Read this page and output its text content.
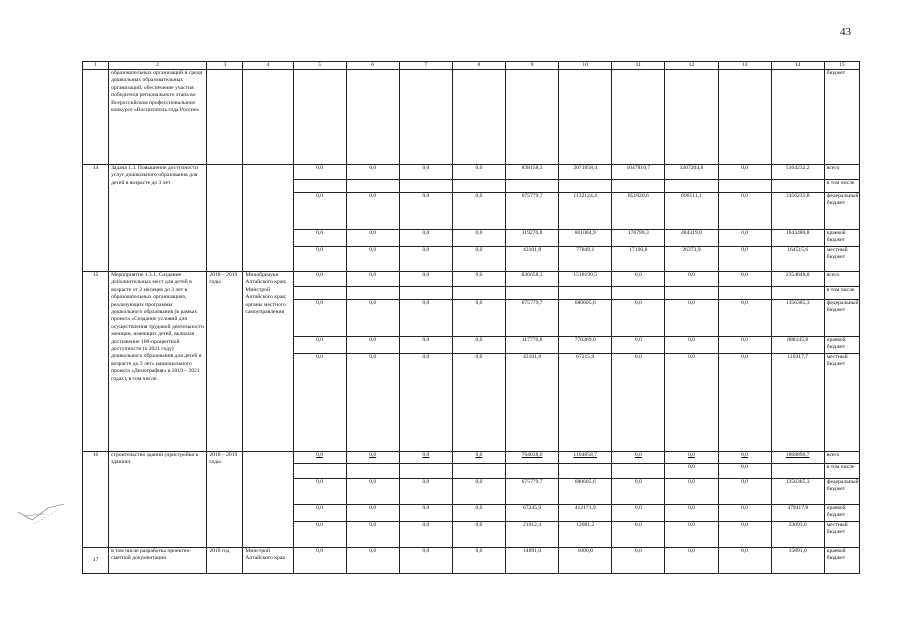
43
1	2	3	4	5	6	7	8	9	10	11	12	13	14	15
	образовательных организаций и среди дошкольных образовательных организаций, обеспечение участия победителя регионального этапа во Всероссийском профессиональном конкурсе «Воспитатель года России»													бюджет
14	Задача 1.3. Повышение доступности услуг дошкольного образования для детей в возрасте до 3 лет			0,0	0,0	0,0	0,0	838158,3	2071058,4	1047810,7	1207204,8	0,0	5164232,2	всего
														в том числе
				0,0	0,0	0,0	0,0	675779,7	1132124,4	851820,6	696511,1	0,0	3356235,8	федеральный бюджет
				0,0	0,0	0,0	0,0	119276,8	861084,9	178799,3	484319,8	0,0	1643480,8	краевой бюджет
				0,0	0,0	0,0	0,0	43101,8	77849,1	17190,8	26373,9	0,0	164515,6	местный бюджет
15	Мероприятие 1.3.1. Создание дополнительных мест для детей в возрасте от 2 месяцев до 3 лет в образовательных организациях, реализующих программы дошкольного образования (в рамках проекта «Создание условий для осуществления трудовой деятельности женщин, имеющих детей, включая достижение 100-процентной доступности (к 2021 году) дошкольного образования для детей в возрасте до 3 лет» национального проекта «Демография» в 2019 – 2021 годах), в том числе:	2018 – 2019 годы	Минобрнауки Алтайского края; Минстрой Алтайского края; органы местного самоуправления	0,0	0,0	0,0	0,0	836658,3	1518190,5	0,0	0,0	0,0	2354848,8	всего
														в том числе
				0,0	0,0	0,0	0,0	675779,7	680605,6	0,0	0,0	0,0	1356385,3	федеральный бюджет
				0,0	0,0	0,0	0,0	117776,8	770369,0	0,0	0,0	0,0	888145,8	краевой бюджет
				0,0	0,0	0,0	0,0	43101,8	67215,9	0,0	0,0	0,0	110317,7	местный бюджет
16	строительство зданий (пристройки к зданию)	2018 – 2019 годы		0,0	0,0	0,0	0,0	764038,0	1104858,7	0,0	0,0	0,0	1868896,7	всего
											0,0	0,0		в том числе
				0,0	0,0	0,0	0,0	675779,7	680605,6	0,0	0,0	0,0	1356385,3	федеральный бюджет
				0,0	0,0	0,0	0,0	67245,9	412171,9	0,0	0,0	0,0	479417,8	краевой бюджет
				0,0	0,0	0,0	0,0	21012,4	12081,2	0,0	0,0	0,0	33093,6	местный бюджет
17	в том числе разработка проектно-сметной документации	2018 год	Минстрой Алтайского края	0,0	0,0	0,0	0,0	14891,0	1000,0	0,0	0,0	0,0	15891,0	краевой бюджет
